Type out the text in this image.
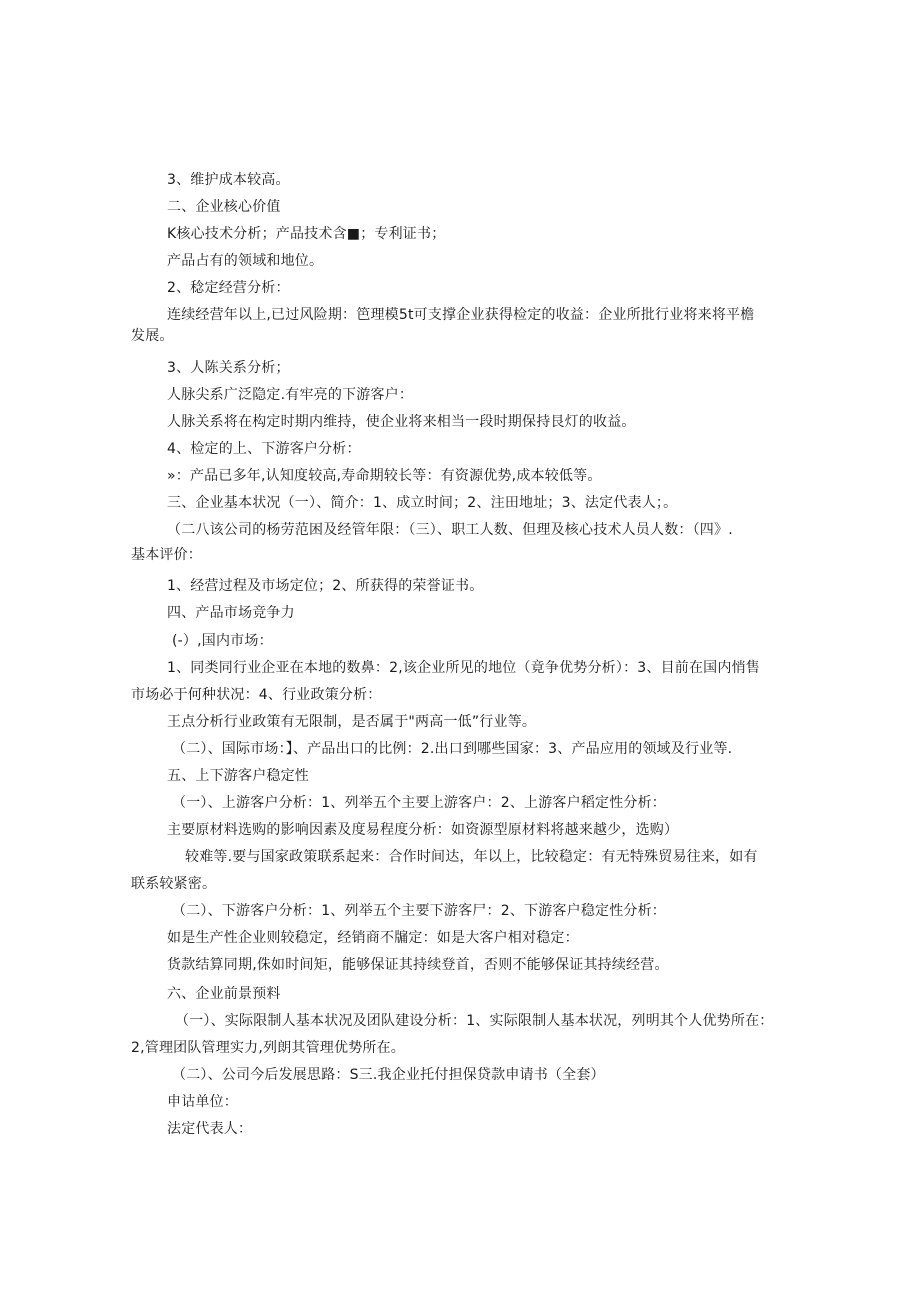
3、维护成本较高。
二、企业核心价值
K核心技术分析；产品技术含■；专利证书；
产品占有的领域和地位。
2、稔定经营分析：
连续经营年以上,已过风险期：笆理模5t可支撑企业获得检定的收益：企业所批行业将来将平檐
发展。
3、人陈关系分析；
人脉尖系广泛隐定.有牢亮的下游客户：
人脉关系将在构定时期内维持，使企业将来相当一段时期保持艮灯的收益。
4、检定的上、下游客户分析：
»：产品已多年,认知度较高,寿命期较长等：有资源优势,成本较低等。
三、企业基本状况（一）、简介：1、成立时间；2、注田地址；3、法定代表人；。
（二八该公司的杨劳范困及经管年限：（三）、职工人数、但理及核心技术人员人数：（四》.
基本评价：
1、经营过程及市场定位；2、所获得的荣誉证书。
四、产品市场竞争力
(-）,国内市场：
1、同类同行业企亚在本地的数鼻：2,该企业所见的地位（竟争优势分析）：3、目前在国内悄售
市场必于何种状况：4、行业政策分析：
王点分析行业政策有无限制，是否属于"两高一低”行业等。
（二）、国际市场：】、产品出口的比例：2.出口到哪些国家：3、产品应用的领域及行业等.
五、上下游客户稳定性
（一）、上游客户分析：1、列举五个主要上游客户：2、上游客户稻定性分析：
主要原材料选购的影响因素及度易程度分析：如资源型原材料将越来越少，选购）
较难等.要与国家政策联系起来：合作时间达，年以上，比较稳定：有无特殊贸易往来，如有
联系较紧密。
（二）、下游客户分析：1、列举五个主要下游客尸：2、下游客户稳定性分析：
如是生产性企业则较稳定，经销商不牖定：如是大客户相对稳定：
货款结算同期,侏如时间矩，能够保证其持续登首，否则不能够保证其持续经营。
六、企业前景预料
（一）、实际限制人基本状况及团队建设分析：1、实际限制人基本状况，列明其个人优势所在：
2,管理团队管理实力,列朗其管理优势所在。
（二）、公司今后发展思路：S三.我企业托付担保贷款申请书（全套）
申诂单位：
法定代表人：
